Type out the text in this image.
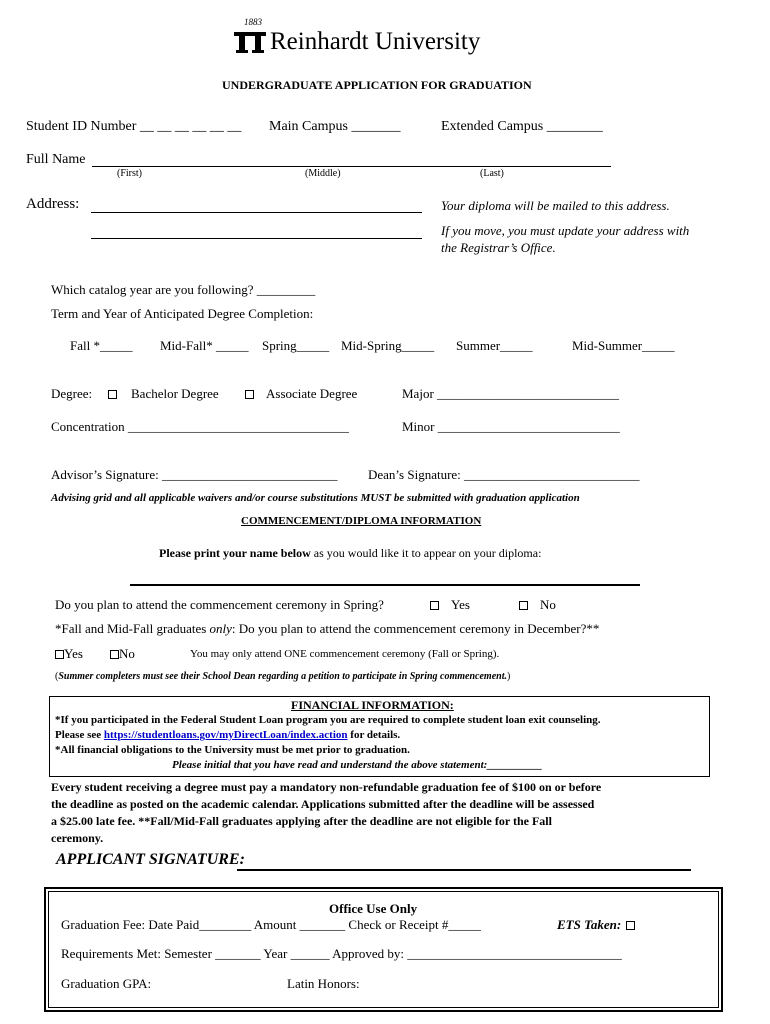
1883
Reinhardt University
UNDERGRADUATE APPLICATION FOR GRADUATION
Student ID Number __ __ __ __ __ __ Main Campus _______	Extended Campus ________
Full Name
(First)	(Middle)	(Last)
Address:	Your diploma will be mailed to this address.
If you move, you must update your address with
the Registrar’s Office.
Which catalog year are you following? _________
Term and Year of Anticipated Degree Completion:
Fall *_____ Mid-Fall* _____ Spring_____ Mid-Spring_____ Summer_____	Mid-Summer_____
Degree:	Bachelor Degree	Associate Degree	Major ____________________________
Concentration __________________________________	Minor ____________________________
Advisor’s Signature: ___________________________ Dean’s Signature: ___________________________
Advising grid and all applicable waivers and/or course substitutions MUST be submitted with graduation application
COMMENCEMENT/DIPLOMA INFORMATION
Please print your name below as you would like it to appear on your diploma:
Do you plan to attend the commencement ceremony in Spring?	Yes	No
*Fall and Mid-Fall graduates only: Do you plan to attend the commencement ceremony in December?**
Yes	No	You may only attend ONE commencement ceremony (Fall or Spring).
(Summer completers must see their School Dean regarding a petition to participate in Spring commencement.)
FINANCIAL INFORMATION:
*If you participated in the Federal Student Loan program you are required to complete student loan exit counseling.
Please see https://studentloans.gov/myDirectLoan/index.action for details.
*All financial obligations to the University must be met prior to graduation.
Please initial that you have read and understand the above statement:__________
Every student receiving a degree must pay a mandatory non-refundable graduation fee of $100 on or before
the deadline as posted on the academic calendar. Applications submitted after the deadline will be assessed
a $25.00 late fee. **Fall/Mid-Fall graduates applying after the deadline are not eligible for the Fall
ceremony.
APPLICANT SIGNATURE:
Office Use Only
Graduation Fee: Date Paid________ Amount _______ Check or Receipt #_____	ETS Taken:
Requirements Met: Semester _______ Year ______ Approved by: _________________________________
Graduation GPA:	Latin Honors:
